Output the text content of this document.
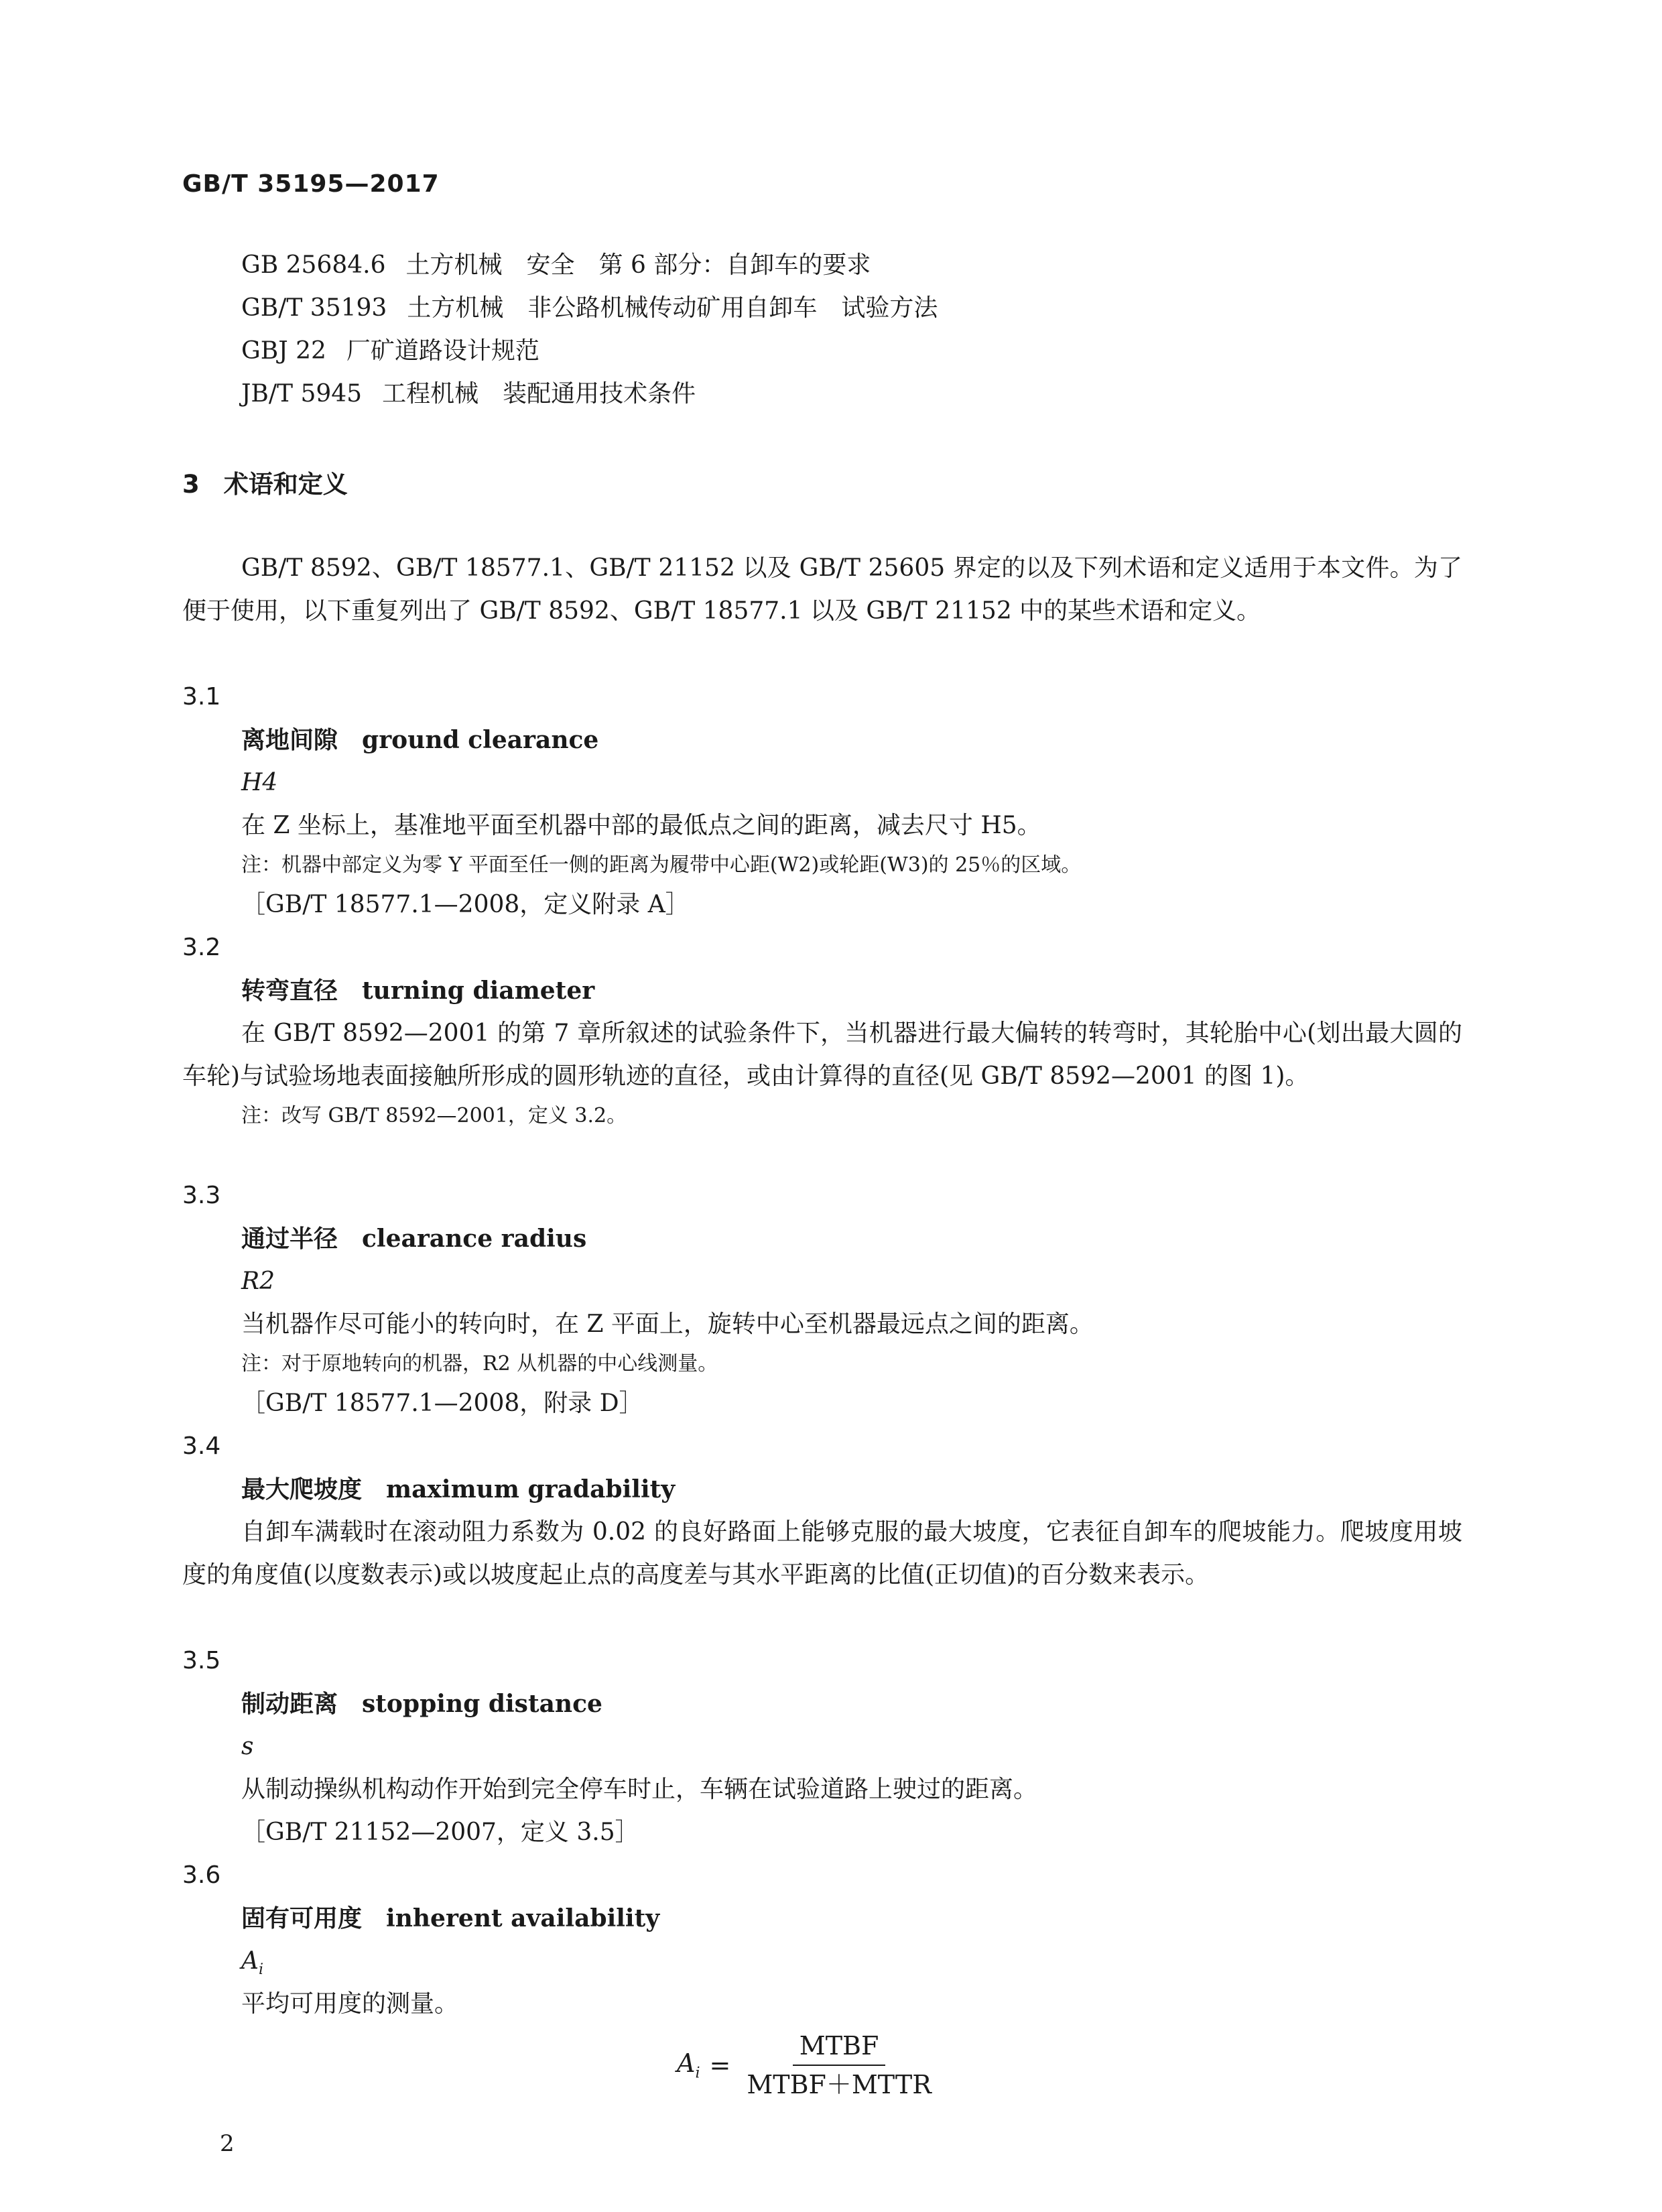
GB/T 35195—2017
GB 25684.6 土方机械　安全　第 6 部分：自卸车的要求
GB/T 35193 土方机械　非公路机械传动矿用自卸车　试验方法
GBJ 22 厂矿道路设计规范
JB/T 5945 工程机械　装配通用技术条件
3 术语和定义
GB/T 8592、GB/T 18577.1、GB/T 21152 以及 GB/T 25605 界定的以及下列术语和定义适用于本文件。为了便于使用，以下重复列出了 GB/T 8592、GB/T 18577.1 以及 GB/T 21152 中的某些术语和定义。
3.1
离地间隙 ground clearance
H4
在 Z 坐标上，基准地平面至机器中部的最低点之间的距离，减去尺寸 H5。
注：机器中部定义为零 Y 平面至任一侧的距离为履带中心距(W2)或轮距(W3)的 25％的区域。
［GB/T 18577.1—2008，定义附录 A］
3.2
转弯直径 turning diameter
在 GB/T 8592—2001 的第 7 章所叙述的试验条件下，当机器进行最大偏转的转弯时，其轮胎中心(划出最大圆的车轮)与试验场地表面接触所形成的圆形轨迹的直径，或由计算得的直径(见 GB/T 8592—2001 的图 1)。
注：改写 GB/T 8592—2001，定义 3.2。
3.3
通过半径 clearance radius
R2
当机器作尽可能小的转向时，在 Z 平面上，旋转中心至机器最远点之间的距离。
注：对于原地转向的机器，R2 从机器的中心线测量。
［GB/T 18577.1—2008，附录 D］
3.4
最大爬坡度 maximum gradability
自卸车满载时在滚动阻力系数为 0.02 的良好路面上能够克服的最大坡度，它表征自卸车的爬坡能力。爬坡度用坡度的角度值(以度数表示)或以坡度起止点的高度差与其水平距离的比值(正切值)的百分数来表示。
3.5
制动距离 stopping distance
s
从制动操纵机构动作开始到完全停车时止，车辆在试验道路上驶过的距离。
［GB/T 21152—2007，定义 3.5］
3.6
固有可用度 inherent availability
$A_i$
平均可用度的测量。
$A_i = \frac{\text{MTBF}}{\text{MTBF＋MTTR}}$
2
